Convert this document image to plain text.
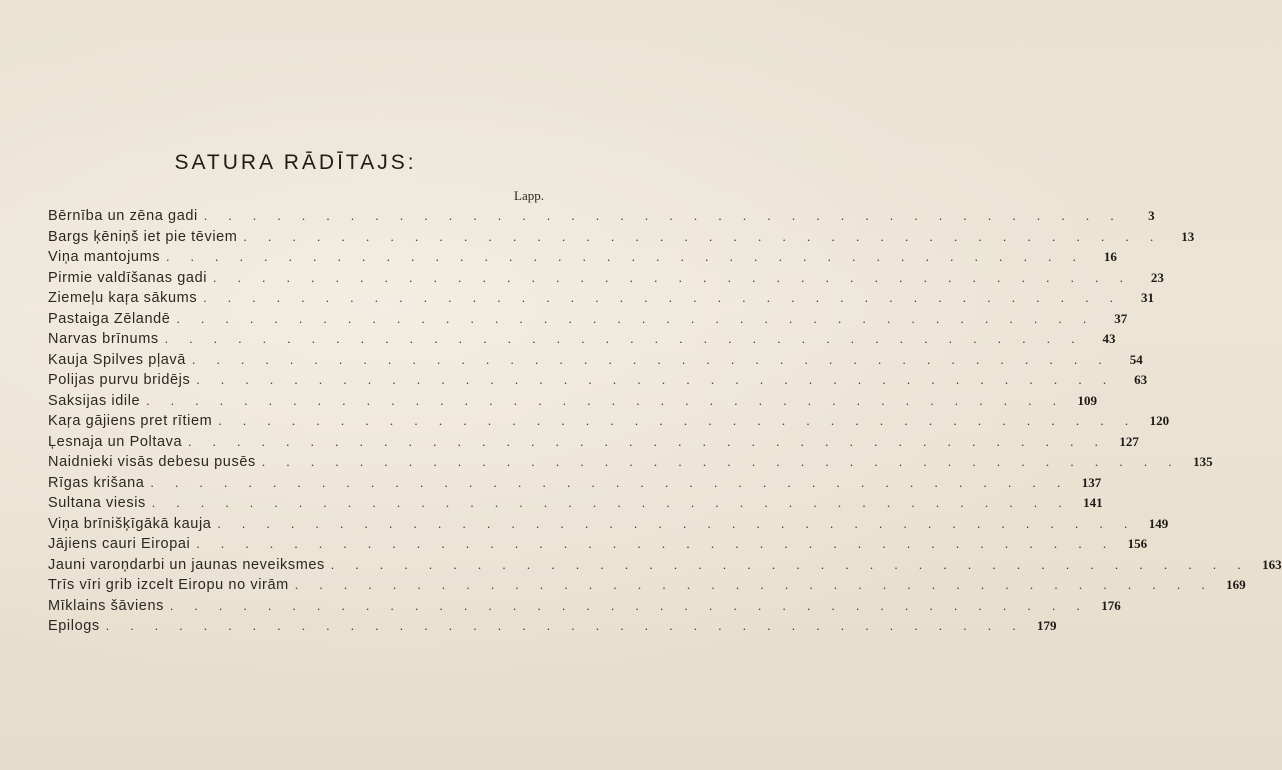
SATURA RĀDĪTAJS:
Lapp.
Bērnība un zēna gadi . . . . . . . . . . . . . . . . . . . . . . . . . . . . . . . . . . . . . .	3
Bargs ķēniņš iet pie tēviem . . . . . . . . . . . . . . . . . . . . . . . . . . . . . . . . . . . . . .	13
Viņa mantojums . . . . . . . . . . . . . . . . . . . . . . . . . . . . . . . . . . . . . .	16
Pirmie valdīšanas gadi . . . . . . . . . . . . . . . . . . . . . . . . . . . . . . . . . . . . . .	23
Ziemeļu kaŗa sākums . . . . . . . . . . . . . . . . . . . . . . . . . . . . . . . . . . . . . .	31
Pastaiga Zēlandē . . . . . . . . . . . . . . . . . . . . . . . . . . . . . . . . . . . . . .	37
Narvas brīnums . . . . . . . . . . . . . . . . . . . . . . . . . . . . . . . . . . . . . .	43
Kauja Spilves pļavā . . . . . . . . . . . . . . . . . . . . . . . . . . . . . . . . . . . . . .	54
Polijas purvu bridējs . . . . . . . . . . . . . . . . . . . . . . . . . . . . . . . . . . . . . .	63
Saksijas idile . . . . . . . . . . . . . . . . . . . . . . . . . . . . . . . . . . . . . . 109
Kaŗa gājiens pret rītiem . . . . . . . . . . . . . . . . . . . . . . . . . . . . . . . . . . . . . . 120
Ļesnaja un Poltava . . . . . . . . . . . . . . . . . . . . . . . . . . . . . . . . . . . . . . 127
Naidnieki visās debesu pusēs . . . . . . . . . . . . . . . . . . . . . . . . . . . . . . . . . . . . . . 135
Rīgas krišana . . . . . . . . . . . . . . . . . . . . . . . . . . . . . . . . . . . . . . 137
Sultana viesis . . . . . . . . . . . . . . . . . . . . . . . . . . . . . . . . . . . . . . 141
Viņa brīnišķīgākā kauja . . . . . . . . . . . . . . . . . . . . . . . . . . . . . . . . . . . . . . 149
Jājiens cauri Eiropai . . . . . . . . . . . . . . . . . . . . . . . . . . . . . . . . . . . . . . 156
Jauni varoņdarbi un jaunas neveiksmes . . . . . . . . . . . . . . . . . . . . . . . . . . . . . . . . . . . . . . 163
Trīs vīri grib izcelt Eiropu no virām . . . . . . . . . . . . . . . . . . . . . . . . . . . . . . . . . . . . . . 169
Mīklains šāviens . . . . . . . . . . . . . . . . . . . . . . . . . . . . . . . . . . . . . . 176
Epilogs . . . . . . . . . . . . . . . . . . . . . . . . . . . . . . . . . . . . . . 179
